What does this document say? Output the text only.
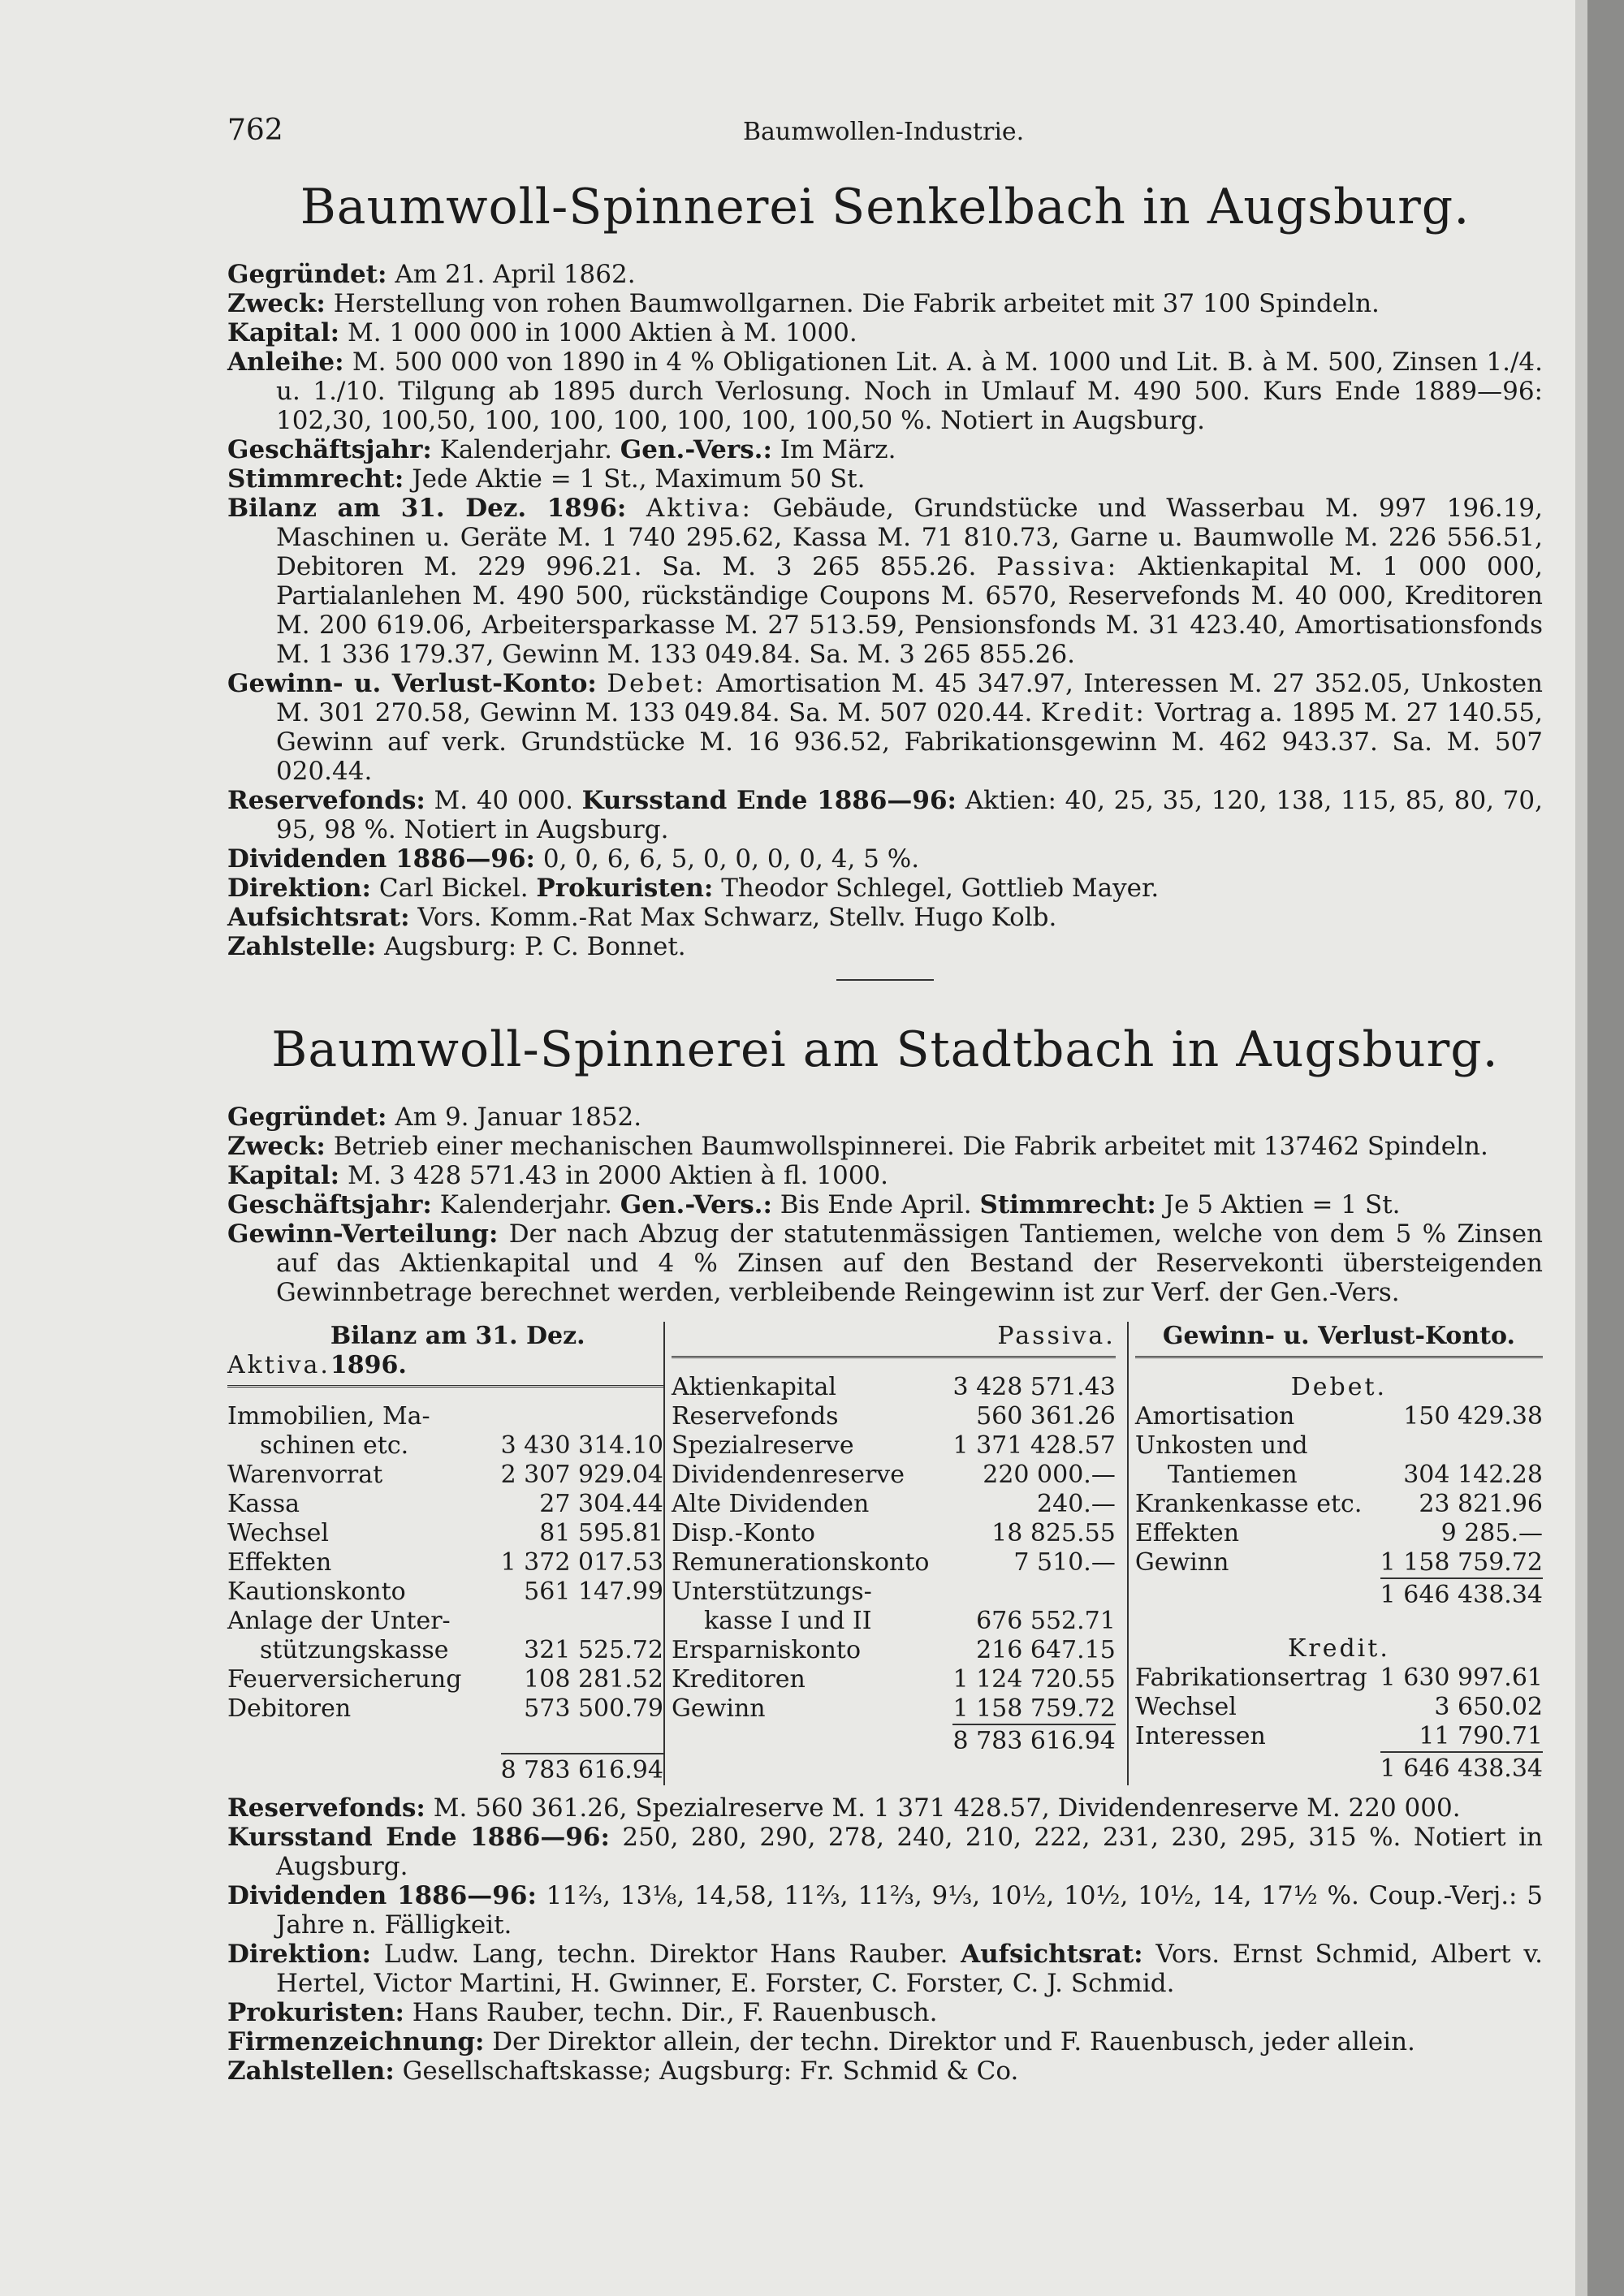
762	Baumwollen-Industrie.
Baumwoll-Spinnerei Senkelbach in Augsburg.
Gegründet: Am 21. April 1862.
Zweck: Herstellung von rohen Baumwollgarnen. Die Fabrik arbeitet mit 37 100 Spindeln.
Kapital: M. 1 000 000 in 1000 Aktien à M. 1000.
Anleihe: M. 500 000 von 1890 in 4 % Obligationen Lit. A. à M. 1000 und Lit. B. à M. 500, Zinsen 1./4. u. 1./10. Tilgung ab 1895 durch Verlosung. Noch in Umlauf M. 490 500. Kurs Ende 1889—96: 102,30, 100,50, 100, 100, 100, 100, 100, 100,50 %. Notiert in Augsburg.
Geschäftsjahr: Kalenderjahr. Gen.-Vers.: Im März.
Stimmrecht: Jede Aktie = 1 St., Maximum 50 St.
Bilanz am 31. Dez. 1896: Aktiva: Gebäude, Grundstücke und Wasserbau M. 997 196.19, Maschinen u. Geräte M. 1 740 295.62, Kassa M. 71 810.73, Garne u. Baumwolle M. 226 556.51, Debitoren M. 229 996.21. Sa. M. 3 265 855.26. Passiva: Aktienkapital M. 1 000 000, Partialanlehen M. 490 500, rückständige Coupons M. 6570, Reservefonds M. 40 000, Kreditoren M. 200 619.06, Arbeitersparkasse M. 27 513.59, Pensionsfonds M. 31 423.40, Amortisationsfonds M. 1 336 179.37, Gewinn M. 133 049.84. Sa. M. 3 265 855.26.
Gewinn- u. Verlust-Konto: Debet: Amortisation M. 45 347.97, Interessen M. 27 352.05, Unkosten M. 301 270.58, Gewinn M. 133 049.84. Sa. M. 507 020.44. Kredit: Vortrag a. 1895 M. 27 140.55, Gewinn auf verk. Grundstücke M. 16 936.52, Fabrikationsgewinn M. 462 943.37. Sa. M. 507 020.44.
Reservefonds: M. 40 000. Kursstand Ende 1886—96: Aktien: 40, 25, 35, 120, 138, 115, 85, 80, 70, 95, 98 %. Notiert in Augsburg.
Dividenden 1886—96: 0, 0, 6, 6, 5, 0, 0, 0, 0, 4, 5 %.
Direktion: Carl Bickel. Prokuristen: Theodor Schlegel, Gottlieb Mayer.
Aufsichtsrat: Vors. Komm.-Rat Max Schwarz, Stellv. Hugo Kolb.
Zahlstelle: Augsburg: P. C. Bonnet.
Baumwoll-Spinnerei am Stadtbach in Augsburg.
Gegründet: Am 9. Januar 1852.
Zweck: Betrieb einer mechanischen Baumwollspinnerei. Die Fabrik arbeitet mit 137462 Spindeln.
Kapital: M. 3 428 571.43 in 2000 Aktien à fl. 1000.
Geschäftsjahr: Kalenderjahr. Gen.-Vers.: Bis Ende April. Stimmrecht: Je 5 Aktien = 1 St.
Gewinn-Verteilung: Der nach Abzug der statutenmässigen Tantiemen, welche von dem 5 % Zinsen auf das Aktienkapital und 4 % Zinsen auf den Bestand der Reservekonti übersteigenden Gewinnbetrage berechnet werden, verbleibende Reingewinn ist zur Verf. der Gen.-Vers.
Aktiva.
Bilanz am 31. Dez. 1896.
Immobilien, Ma-
schinen etc.	3 430 314.10
Warenvorrat	2 307 929.04
Kassa	27 304.44
Wechsel	81 595.81
Effekten	1 372 017.53
Kautionskonto	561 147.99
Anlage der Unter-
stützungskasse	321 525.72
Feuerversicherung	108 281.52
Debitoren	573 500.79
8 783 616.94
Passiva.
Aktienkapital	3 428 571.43
Reservefonds	560 361.26
Spezialreserve	1 371 428.57
Dividendenreserve	220 000.—
Alte Dividenden	240.—
Disp.-Konto	18 825.55
Remunerationskonto	7 510.—
Unterstützungs-
kasse I und II	676 552.71
Ersparniskonto	216 647.15
Kreditoren	1 124 720.55
Gewinn	1 158 759.72
8 783 616.94
Gewinn- u. Verlust-Konto.
Debet.
Amortisation	150 429.38
Unkosten und
Tantiemen	304 142.28
Krankenkasse etc. 23 821.96
Effekten	9 285.—
Gewinn	1 158 759.72
1 646 438.34
Kredit.
Fabrikationsertrag 1 630 997.61
Wechsel	3 650.02
Interessen	11 790.71
1 646 438.34
Reservefonds: M. 560 361.26, Spezialreserve M. 1 371 428.57, Dividendenreserve M. 220 000.
Kursstand Ende 1886—96: 250, 280, 290, 278, 240, 210, 222, 231, 230, 295, 315 %. Notiert in Augsburg.
Dividenden 1886—96: 11⅔, 13⅛, 14,58, 11⅔, 11⅔, 9⅓, 10½, 10½, 10½, 14, 17½ %. Coup.-Verj.: 5 Jahre n. Fälligkeit.
Direktion: Ludw. Lang, techn. Direktor Hans Rauber. Aufsichtsrat: Vors. Ernst Schmid, Albert v. Hertel, Victor Martini, H. Gwinner, E. Forster, C. Forster, C. J. Schmid.
Prokuristen: Hans Rauber, techn. Dir., F. Rauenbusch.
Firmenzeichnung: Der Direktor allein, der techn. Direktor und F. Rauenbusch, jeder allein.
Zahlstellen: Gesellschaftskasse; Augsburg: Fr. Schmid & Co.
